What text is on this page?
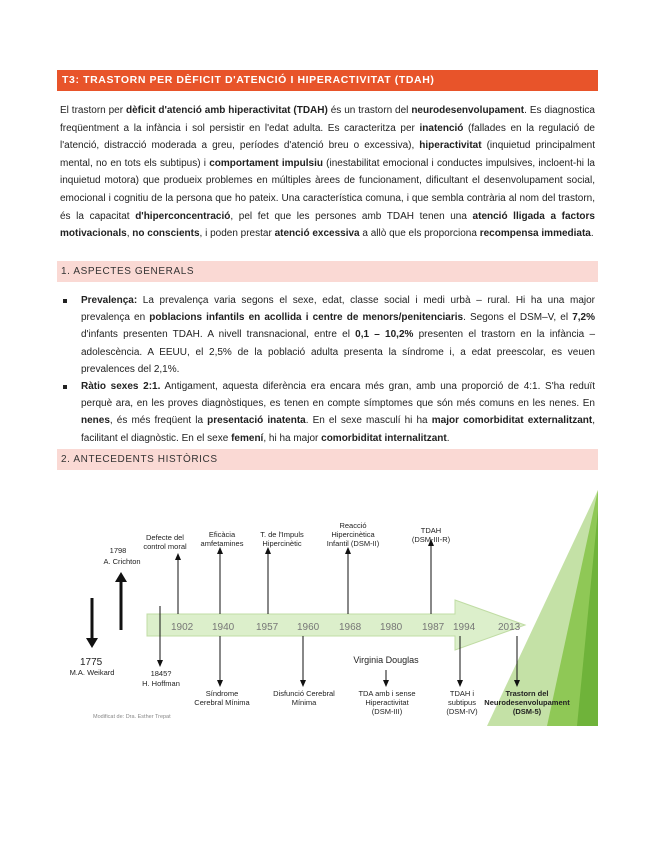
T3: TRASTORN PER DÈFICIT D'ATENCIÓ I HIPERACTIVITAT (TDAH)
El trastorn per dèficit d'atenció amb hiperactivitat (TDAH) és un trastorn del neurodesenvolupament. Es diagnostica freqüentment a la infància i sol persistir en l'edat adulta. Es caracteritza per inatenció (fallades en la regulació de l'atenció, distracció moderada a greu, períodes d'atenció breu o excessiva), hiperactivitat (inquietud principalment mental, no en tots els subtipus) i comportament impulsiu (inestabilitat emocional i conductes impulsives, incloent-hi la inquietud motora) que produeix problemes en múltiples àrees de funcionament, dificultant el desenvolupament social, emocional i cognitiu de la persona que ho pateix. Una característica comuna, i que sembla contrària al nom del trastorn, és la capacitat d'hiperconcentració, pel fet que les persones amb TDAH tenen una atenció lligada a factors motivacionals, no conscients, i poden prestar atenció excessiva a allò que els proporciona recompensa immediata.
1. ASPECTES GENERALS
Prevalença: La prevalença varia segons el sexe, edat, classe social i medi urbà – rural. Hi ha una major prevalença en poblacions infantils en acollida i centre de menors/penitenciaris. Segons el DSM–V, el 7,2% d'infants presenten TDAH. A nivell transnacional, entre el 0,1 – 10,2% presenten el trastorn en la infància – adolescència. A EEUU, el 2,5% de la població adulta presenta la síndrome i, a edat preescolar, es veuen prevalences del 2,1%.
Ràtio sexes 2:1. Antigament, aquesta diferència era encara més gran, amb una proporció de 4:1. S'ha reduït perquè ara, en les proves diagnòstiques, es tenen en compte símptomes que són més comuns en les nenes. En nenes, és més freqüent la presentació inatenta. En el sexe masculí hi ha major comorbiditat externalitzant, facilitant el diagnòstic. En el sexe femení, hi ha major comorbiditat internalitzant.
2. ANTECEDENTS HISTÒRICS
1902 1940 1957 1960 1968 1980 1987 1994 2013
1798
A. Crichton
Defecte del control moral
Eficàcia amfetamines
T. de l'Impuls Hipercinètic
Reacció Hipercinètica Infantil (DSM-II)
TDAH (DSM-III-R)
1775
M.A. Weikard	1845?
H. Hoffman
Síndrome Cerebral Mínima
Disfunció Cerebral Mínima
Virginia Douglas
TDA amb i sense Hiperactivitat (DSM-III)
TDAH i subtipus (DSM-IV)
Trastorn del Neurodesenvolupament (DSM-5)
Modificat de: Dra. Esther Trepat
